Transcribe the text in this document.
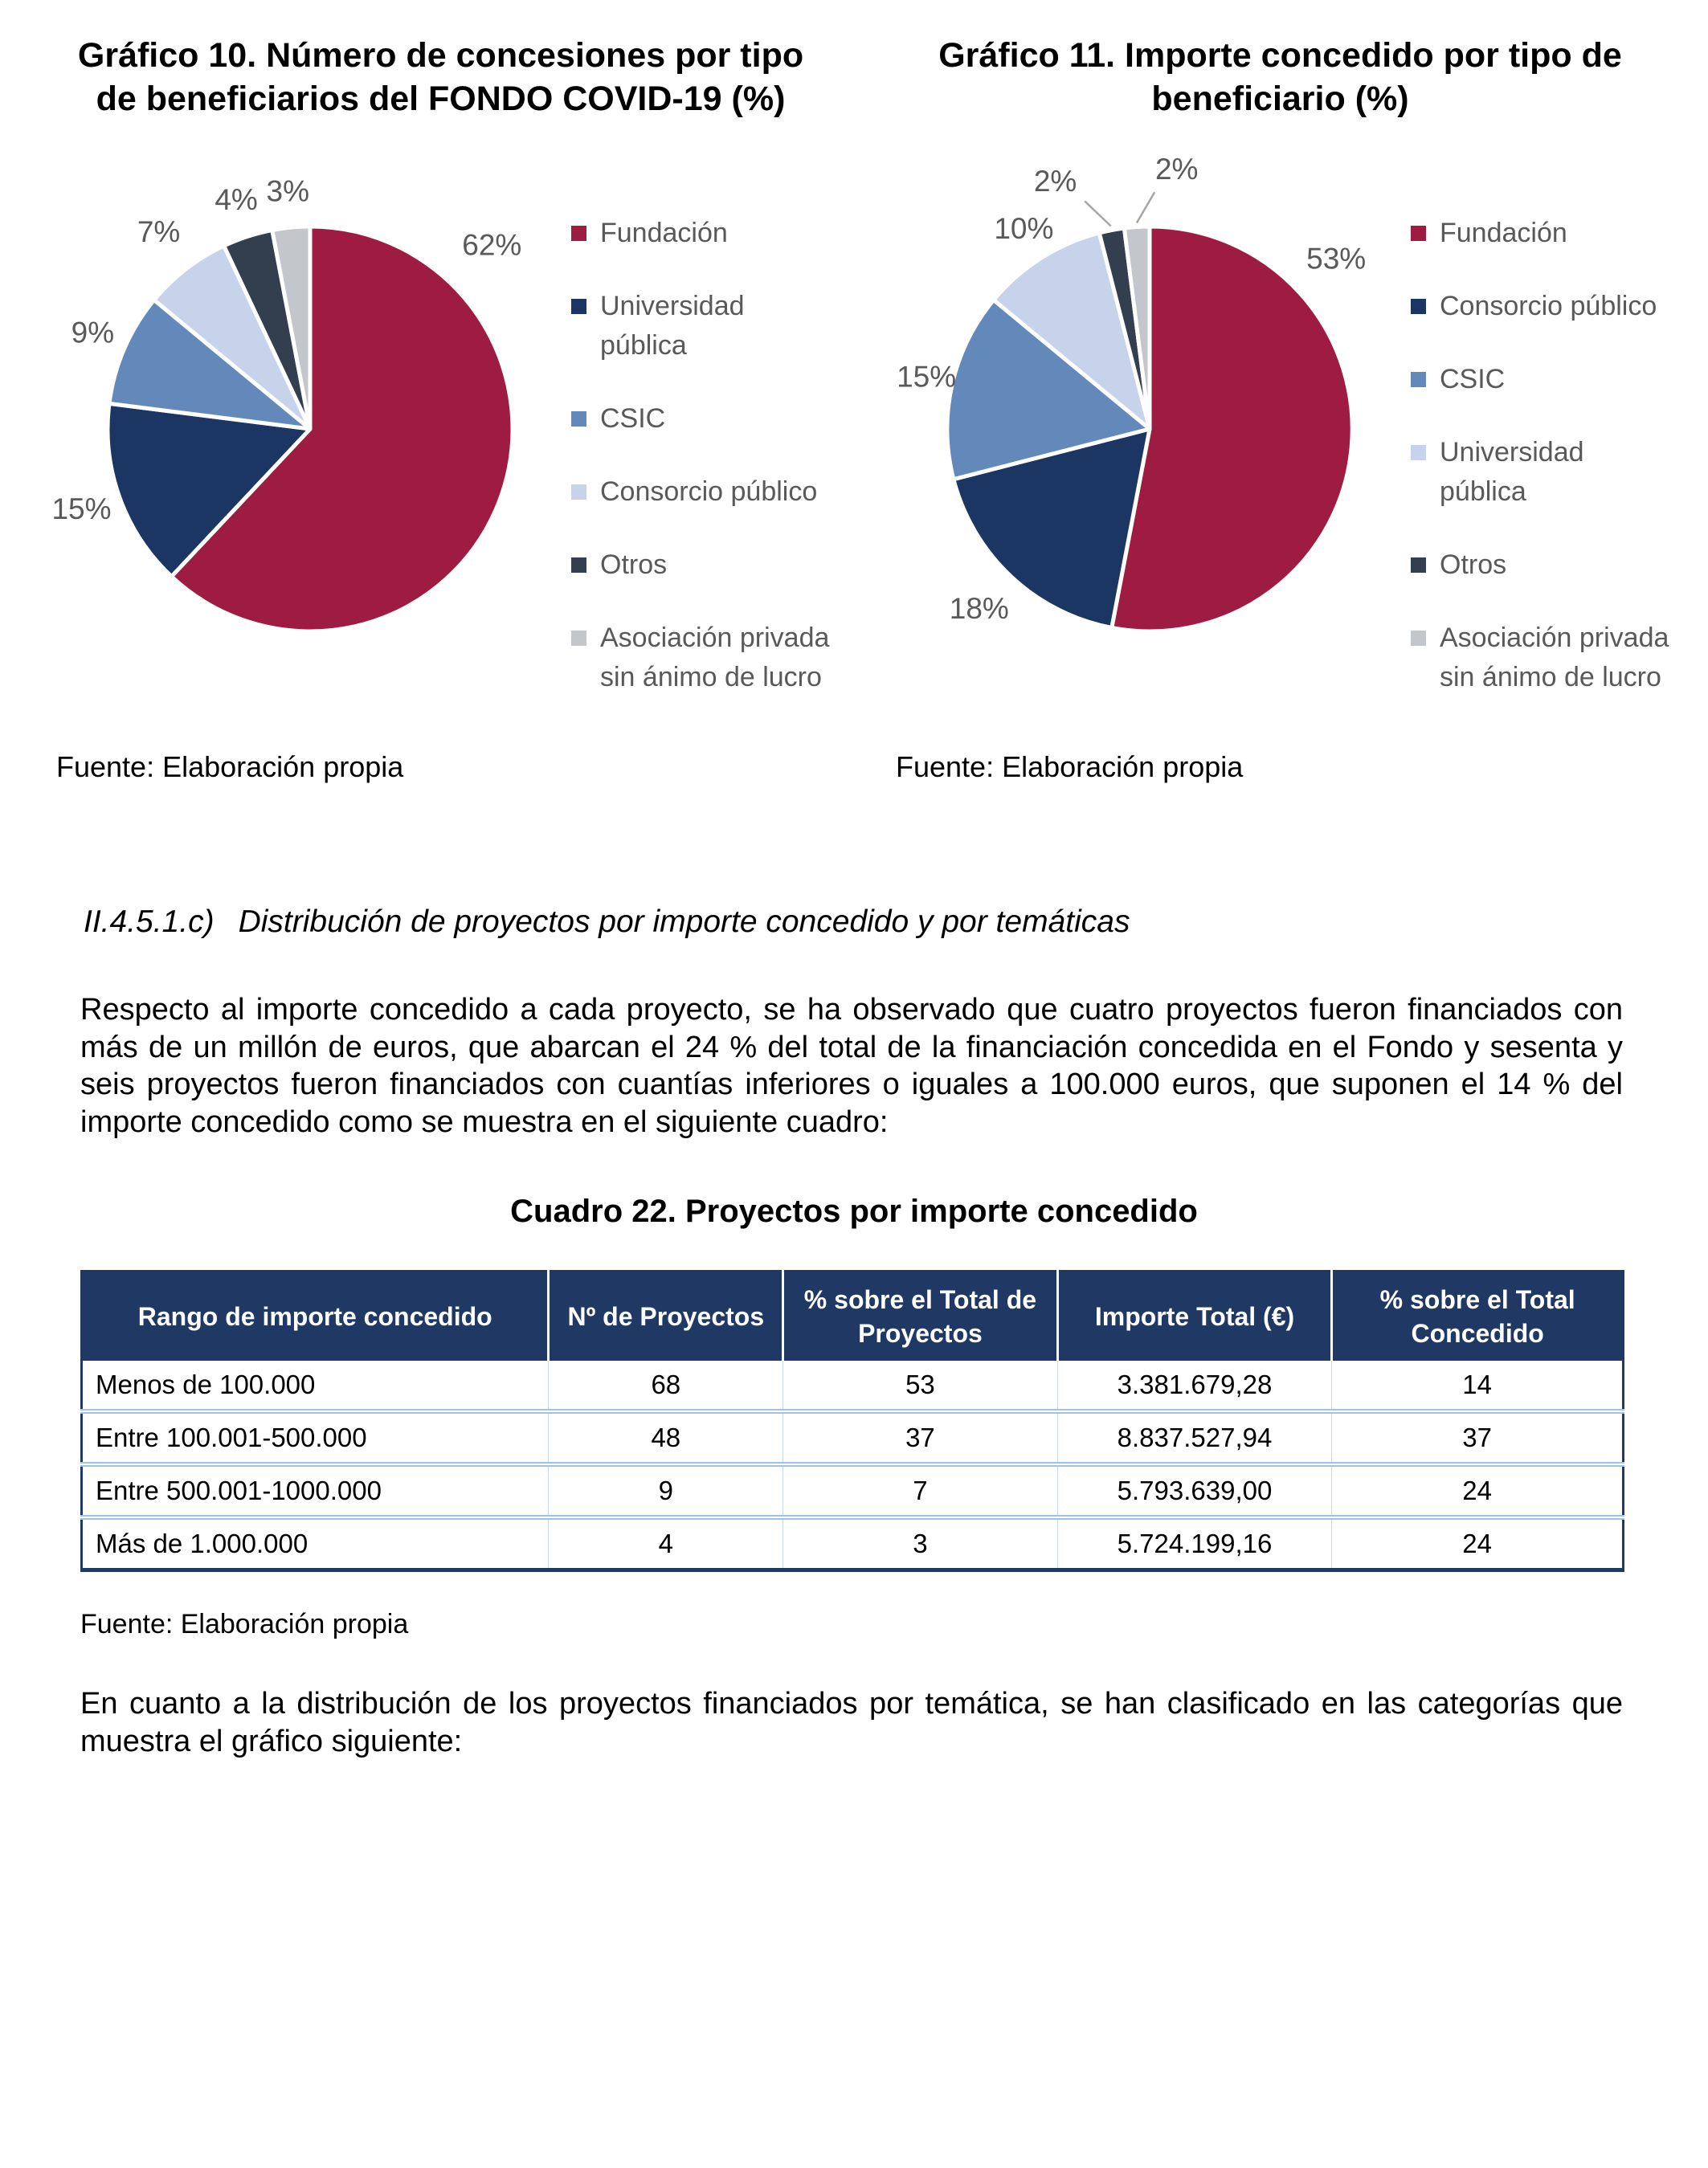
Gráfico 10. Número de concesiones por tipo de beneficiarios del FONDO COVID-19 (%)
62%
15%
9%
7%
4% 3%
Fundación
Universidad
pública
CSIC
Consorcio público
Otros
Asociación privada
sin ánimo de lucro
Fuente: Elaboración propia
Gráfico 11. Importe concedido por tipo de beneficiario (%)
53%
18%
15%
10%
2%	2%
Fundación
Consorcio público
CSIC
Universidad
pública
Otros
Asociación privada
sin ánimo de lucro
Fuente: Elaboración propia
II.4.5.1.c) Distribución de proyectos por importe concedido y por temáticas
Respecto al importe concedido a cada proyecto, se ha observado que cuatro proyectos fueron financiados con más de un millón de euros, que abarcan el 24 % del total de la financiación concedida en el Fondo y sesenta y seis proyectos fueron financiados con cuantías inferiores o iguales a 100.000 euros, que suponen el 14 % del importe concedido como se muestra en el siguiente cuadro:
Cuadro 22. Proyectos por importe concedido
Rango de importe concedido	Nº de Proyectos	% sobre el Total de Proyectos	Importe Total (€)	% sobre el Total Concedido
Menos de 100.000	68	53	3.381.679,28	14
Entre 100.001-500.000	48	37	8.837.527,94	37
Entre 500.001-1000.000	9	7	5.793.639,00	24
Más de 1.000.000	4	3	5.724.199,16	24
Fuente: Elaboración propia
En cuanto a la distribución de los proyectos financiados por temática, se han clasificado en las categorías que muestra el gráfico siguiente:
